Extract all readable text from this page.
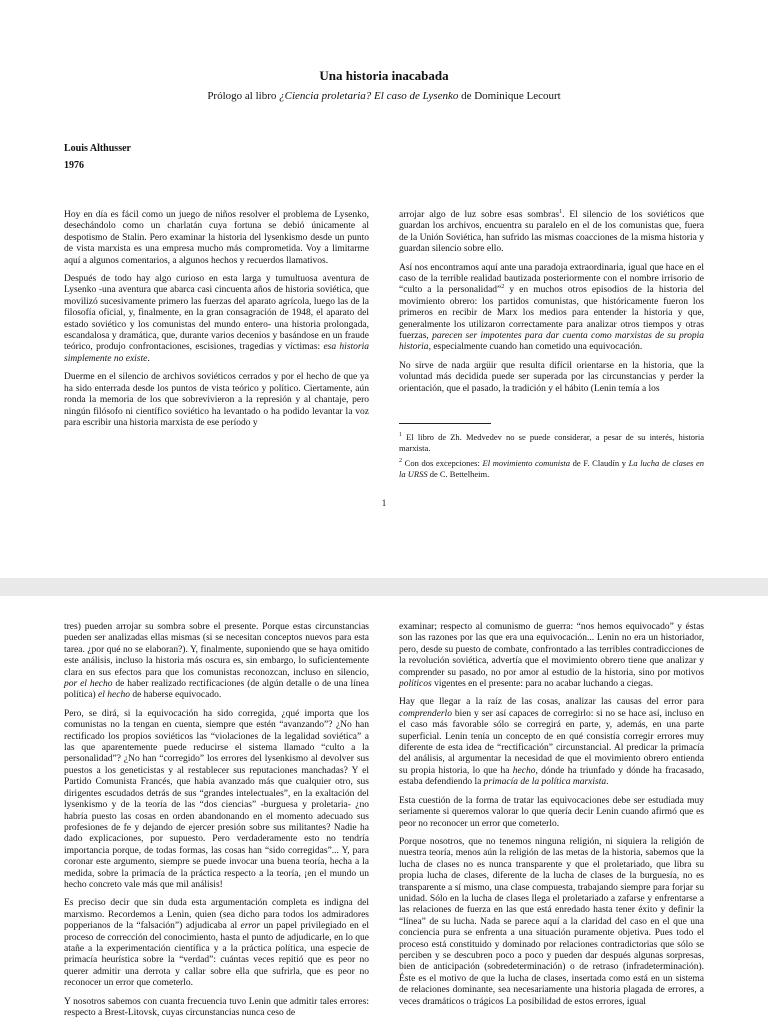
Una historia inacabada
Prólogo al libro ¿Ciencia proletaria? El caso de Lysenko de Dominique Lecourt
Louis Althusser
1976

Hoy en día es fácil como un juego de niños resolver el problema de Lysenko, desechándolo como un charlatán cuya fortuna se debió únicamente al despotismo de Stalin. Pero examinar la historia del lysenkismo desde un punto de vista marxista es una empresa mucho más comprometida. Voy a limitarme aquí a algunos comentarios, a algunos hechos y recuerdos llamativos.

Después de todo hay algo curioso en esta larga y tumultuosa aventura de Lysenko -una aventura que abarca casi cincuenta años de historia soviética, que movilizó sucesivamente primero las fuerzas del aparato agrícola, luego las de la filosofía oficial, y, finalmente, en la gran consagración de 1948, el aparato del estado soviético y los comunistas del mundo entero- una historia prolongada, escandalosa y dramática, que, durante varios decenios y basándose en un fraude teórico, produjo confrontaciones, escisiones, tragedias y víctimas: esa historia simplemente no existe.

Duerme en el silencio de archivos soviéticos cerrados y por el hecho de que ya ha sido enterrada desde los puntos de vista teórico y político. Ciertamente, aún ronda la memoria de los que sobrevivieron a la represión y al chantaje, pero ningún filósofo ni científico soviético ha levantado o ha podido levantar la voz para escribir una historia marxista de ese período y

arrojar algo de luz sobre esas sombras$^1$. El silencio de los soviéticos que guardan los archivos, encuentra su paralelo en el de los comunistas que, fuera de la Unión Soviética, han sufrido las mismas coacciones de la misma historia y guardan silencio sobre ello.

Así nos encontramos aquí ante una paradoja extraordinaria, igual que hace en el caso de la terrible realidad bautizada posteriormente con el nombre irrisorio de “culto a la personalidad”$^2$ y en muchos otros episodios de la historia del movimiento obrero: los partidos comunistas, que históricamente fueron los primeros en recibir de Marx los medios para entender la historia y que, generalmente los utilizaron correctamente para analizar otros tiempos y otras fuerzas, parecen ser impotentes para dar cuenta como marxistas de su propia historia, especialmente cuando han cometido una equivocación.

No sirve de nada argüir que resulta difícil orientarse en la historia, que la voluntad más decidida puede ser superada por las circunstancias y perder la orientación, que el pasado, la tradición y el hábito (Lenin temía a los

$^1$ El libro de Zh. Medvedev no se puede considerar, a pesar de su interés, historia marxista.
$^2$ Con dos excepciones: El movimiento comunista de F. Claudín y La lucha de clases en la URSS de C. Bettelheim.
1

tres) pueden arrojar su sombra sobre el presente. Porque estas circunstancias pueden ser analizadas ellas mismas (si se necesitan conceptos nuevos para esta tarea. ¿por qué no se elaboran?). Y, finalmente, suponiendo que se haya omitido este análisis, incluso la historia más oscura es, sin embargo, lo suficientemente clara en sus efectos para que los comunistas reconozcan, incluso en silencio, por el hecho de haber realizado rectificaciones (de algún detalle o de una línea política) el hecho de haberse equivocado.

Pero, se dirá, si la equivocación ha sido corregida, ¿qué importa que los comunistas no la tengan en cuenta, siempre que estén “avanzando”? ¿No han rectificado los propios soviéticos las “violaciones de la legalidad soviética” a las que aparentemente puede reducirse el sistema llamado “culto a la personalidad”? ¿No han “corregido” los errores del lysenkismo al devolver sus puestos a los geneticistas y al restablecer sus reputaciones manchadas? Y el Partido Comunista Francés, que había avanzado más que cualquier otro, sus dirigentes escudados detrás de sus “grandes intelectuales”, en la exaltación del lysenkismo y de la teoría de las “dos ciencias” -burguesa y proletaria- ¿no habría puesto las cosas en orden abandonando en el momento adecuado sus profesiones de fe y dejando de ejercer presión sobre sus militantes? Nadie ha dado explicaciones, por supuesto. Pero verdaderamente esto no tendría importancia porque, de todas formas, las cosas han “sido corregidas”... Y, para coronar este argumento, siempre se puede invocar una buena teoría, hecha a la medida, sobre la primacía de la práctica respecto a la teoría, ¡en el mundo un hecho concreto vale más que mil análisis!

Es preciso decir que sin duda esta argumentación completa es indigna del marxismo. Recordemos a Lenin, quien (sea dicho para todos los admiradores popperianos de la “falsación”) adjudicaba al error un papel privilegiado en el proceso de corrección del conocimiento, hasta el punto de adjudicarle, en lo que atañe a la experimentación científica y a la práctica política, una especie de primacía heurística sobre la “verdad”: cuántas veces repitió que es peor no querer admitir una derrota y callar sobre ella que sufrirla, que es peor no reconocer un error que cometerlo.

Y nosotros sabemos con cuanta frecuencia tuvo Lenin que admitir tales errores: respecto a Brest-Litovsk, cuyas circunstancias nunca ceso de

examinar; respecto al comunismo de guerra: “nos hemos equivocado” y éstas son las razones por las que era una equivocación... Lenin no era un historiador, pero, desde su puesto de combate, confrontado a las terribles contradicciones de la revolución soviética, advertía que el movimiento obrero tiene que analizar y comprender su pasado, no por amor al estudio de la historia, sino por motivos políticos vigentes en el presente: para no acabar luchando a ciegas.

Hay que llegar a la raíz de las cosas, analizar las causas del error para comprenderlo bien y ser así capaces de corregirlo: si no se hace así, incluso en el caso más favorable sólo se corregirá en parte, y, además, en una parte superficial. Lenin tenía un concepto de en qué consistía corregir errores muy diferente de esta idea de “rectificación” circunstancial. Al predicar la primacía del análisis, al argumentar la necesidad de que el movimiento obrero entienda su propia historia, lo que ha hecho, dónde ha triunfado y dónde ha fracasado, estaba defendiendo la primacía de la política marxista.

Esta cuestión de la forma de tratar las equivocaciones debe ser estudiada muy seriamente si queremos valorar lo que quería decir Lenin cuando afirmó que es peor no reconocer un error que cometerlo.

Porque nosotros, que no tenemos ninguna religión, ni siquiera la religión de nuestra teoría, menos aún la religión de las metas de la historia, sabemos que la lucha de clases no es nunca transparente y que el proletariado, que libra su propia lucha de clases, diferente de la lucha de clases de la burguesía, no es transparente a sí mismo, una clase compuesta, trabajando siempre para forjar su unidad. Sólo en la lucha de clases llega el proletariado a zafarse y enfrentarse a las relaciones de fuerza en las que está enredado hasta tener éxito y definir la “línea” de su lucha. Nada se parece aquí a la claridad del caso en el que una conciencia pura se enfrenta a una situación puramente objetiva. Pues todo el proceso está constituido y dominado por relaciones contradictorias que sólo se perciben y se descubren poco a poco y pueden dar después algunas sorpresas, bien de anticipación (sobredeterminación) o de retraso (infradeterminación). Éste es el motivo de que la lucha de clases, insertada como está en un sistema de relaciones dominante, sea necesariamente una historia plagada de errores, a veces dramáticos o trágicos La posibilidad de estos errores, igual
